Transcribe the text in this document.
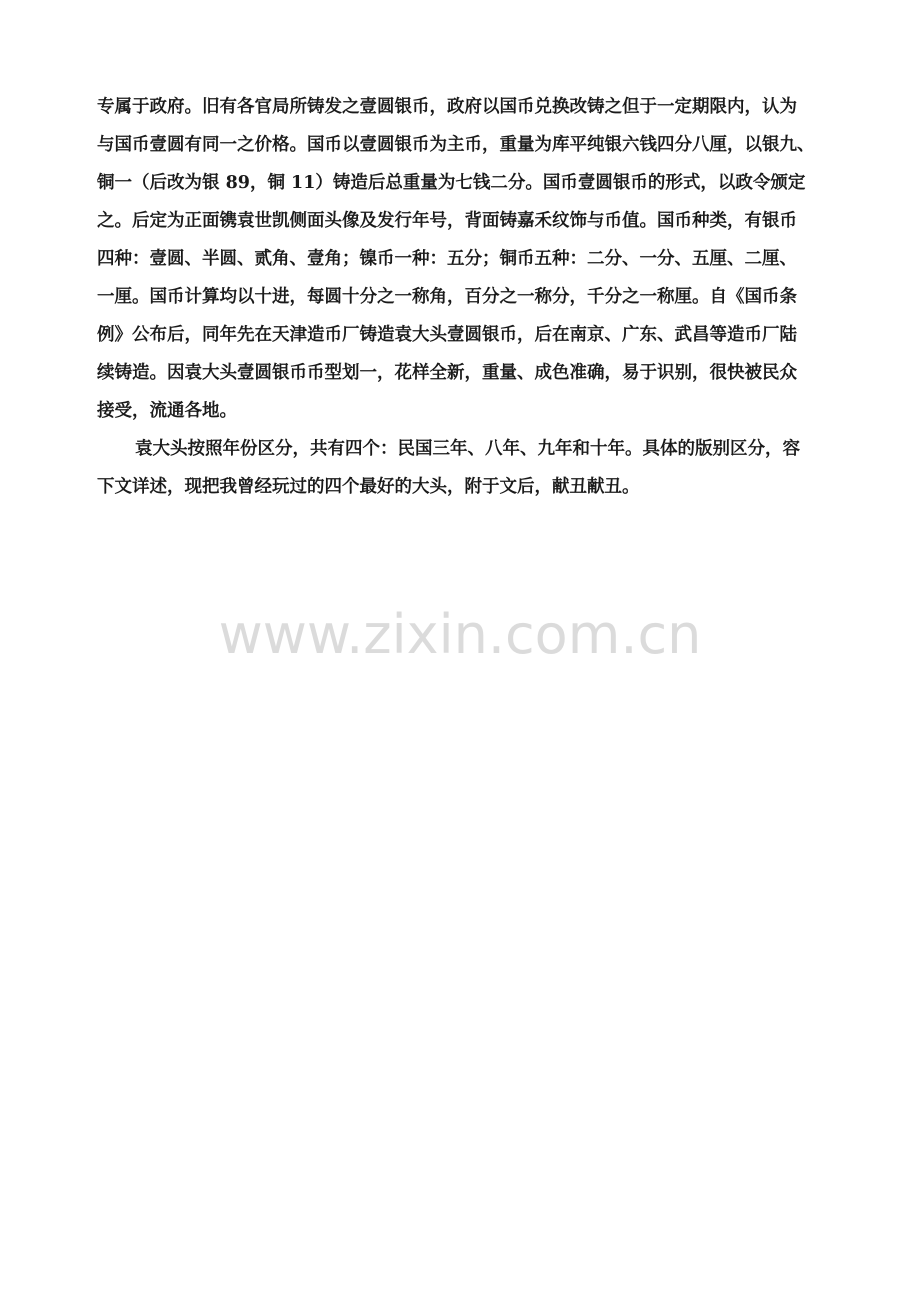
专属于政府。旧有各官局所铸发之壹圆银币，政府以国币兑换改铸之但于一定期限内，认为
与国币壹圆有同一之价格。国币以壹圆银币为主币，重量为库平纯银六钱四分八厘，以银九、
铜一（后改为银 89，铜 11）铸造后总重量为七钱二分。国币壹圆银币的形式，以政令颁定
之。后定为正面镌袁世凯侧面头像及发行年号，背面铸嘉禾纹饰与币值。国币种类，有银币
四种：壹圆、半圆、贰角、壹角；镍币一种：五分；铜币五种：二分、一分、五厘、二厘、
一厘。国币计算均以十进，每圆十分之一称角，百分之一称分，千分之一称厘。自《国币条
例》公布后，同年先在天津造币厂铸造袁大头壹圆银币，后在南京、广东、武昌等造币厂陆
续铸造。因袁大头壹圆银币币型划一，花样全新，重量、成色准确，易于识别，很快被民众
接受，流通各地。
袁大头按照年份区分，共有四个：民国三年、八年、九年和十年。具体的版别区分，容
下文详述，现把我曾经玩过的四个最好的大头，附于文后，献丑献丑。
www.zixin.com.cn
